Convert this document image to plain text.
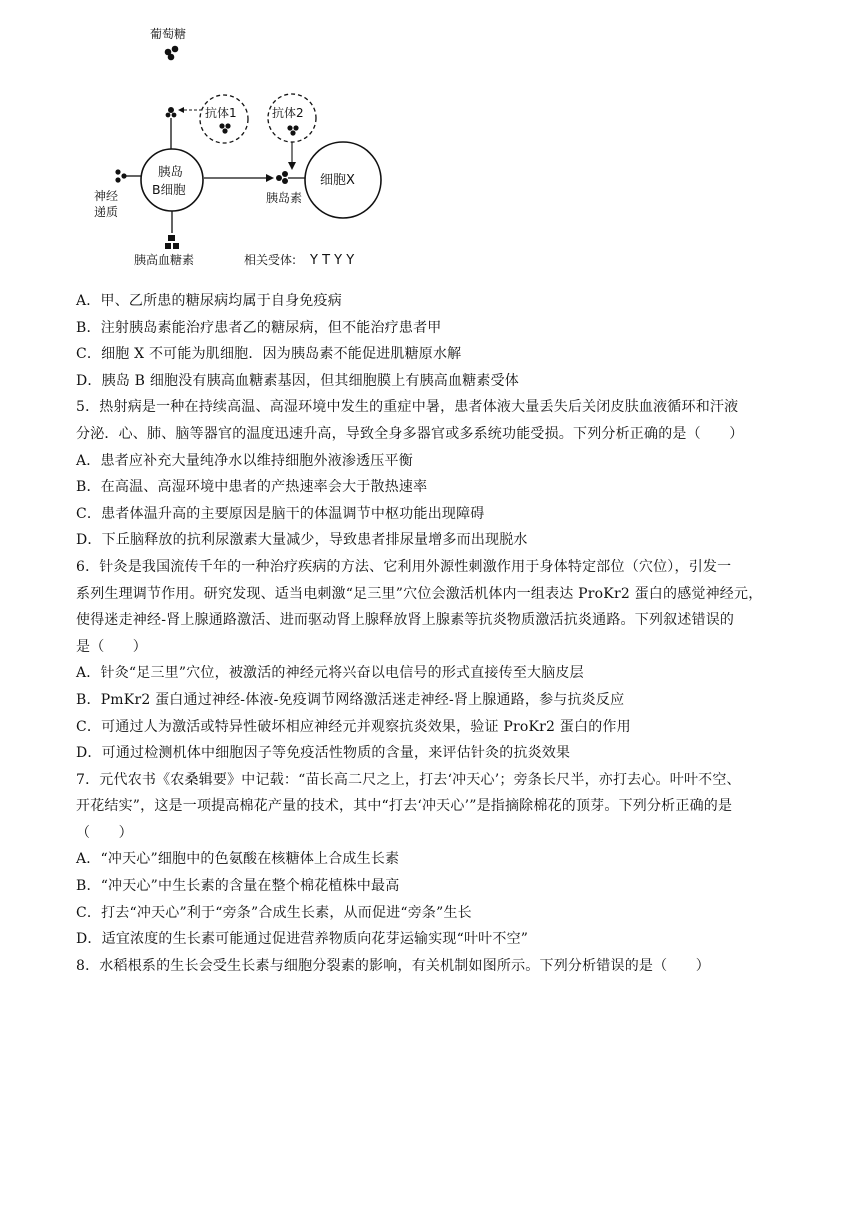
葡萄糖
抗体1
胰岛
B细胞
神经
递质
胰高血糖素
胰岛素
抗体2
细胞X
相关受体: Y T Y Y
A．甲、乙所患的糖尿病均属于自身免疫病
B．注射胰岛素能治疗患者乙的糖尿病，但不能治疗患者甲
C．细胞 X 不可能为肌细胞．因为胰岛素不能促进肌糖原水解
D．胰岛 B 细胞没有胰高血糖素基因，但其细胞膜上有胰高血糖素受体
5．热射病是一种在持续高温、高湿环境中发生的重症中暑，患者体液大量丢失后关闭皮肤血液循环和汗液
分泌．心、肺、脑等器官的温度迅速升高，导致全身多器官或多系统功能受损。下列分析正确的是（　　）
A．患者应补充大量纯净水以维持细胞外液渗透压平衡
B．在高温、高湿环境中患者的产热速率会大于散热速率
C．患者体温升高的主要原因是脑干的体温调节中枢功能出现障碍
D．下丘脑释放的抗利尿激素大量减少，导致患者排尿量增多而出现脱水
6．针灸是我国流传千年的一种治疗疾病的方法、它利用外源性刺激作用于身体特定部位（穴位），引发一
系列生理调节作用。研究发现、适当电刺激“足三里”穴位会激活机体内一组表达 ProKr2 蛋白的感觉神经元，
使得迷走神经-肾上腺通路激活、进而驱动肾上腺释放肾上腺素等抗炎物质激活抗炎通路。下列叙述错误的
是（　　）
A．针灸“足三里”穴位，被激活的神经元将兴奋以电信号的形式直接传至大脑皮层
B．PmKr2 蛋白通过神经-体液-免疫调节网络激活迷走神经-肾上腺通路，参与抗炎反应
C．可通过人为激活或特异性破坏相应神经元并观察抗炎效果，验证 ProKr2 蛋白的作用
D．可通过检测机体中细胞因子等免疫活性物质的含量，来评估针灸的抗炎效果
7．元代农书《农桑辑要》中记载：“苗长高二尺之上，打去‘冲天心’；旁条长尺半，亦打去心。叶叶不空、
开花结实”，这是一项提高棉花产量的技术，其中“打去‘冲天心’”是指摘除棉花的顶芽。下列分析正确的是
（　　）
A．“冲天心”细胞中的色氨酸在核糖体上合成生长素
B．“冲天心”中生长素的含量在整个棉花植株中最高
C．打去“冲天心”利于“旁条”合成生长素，从而促进“旁条”生长
D．适宜浓度的生长素可能通过促进营养物质向花芽运输实现“叶叶不空”
8．水稻根系的生长会受生长素与细胞分裂素的影响，有关机制如图所示。下列分析错误的是（　　）
